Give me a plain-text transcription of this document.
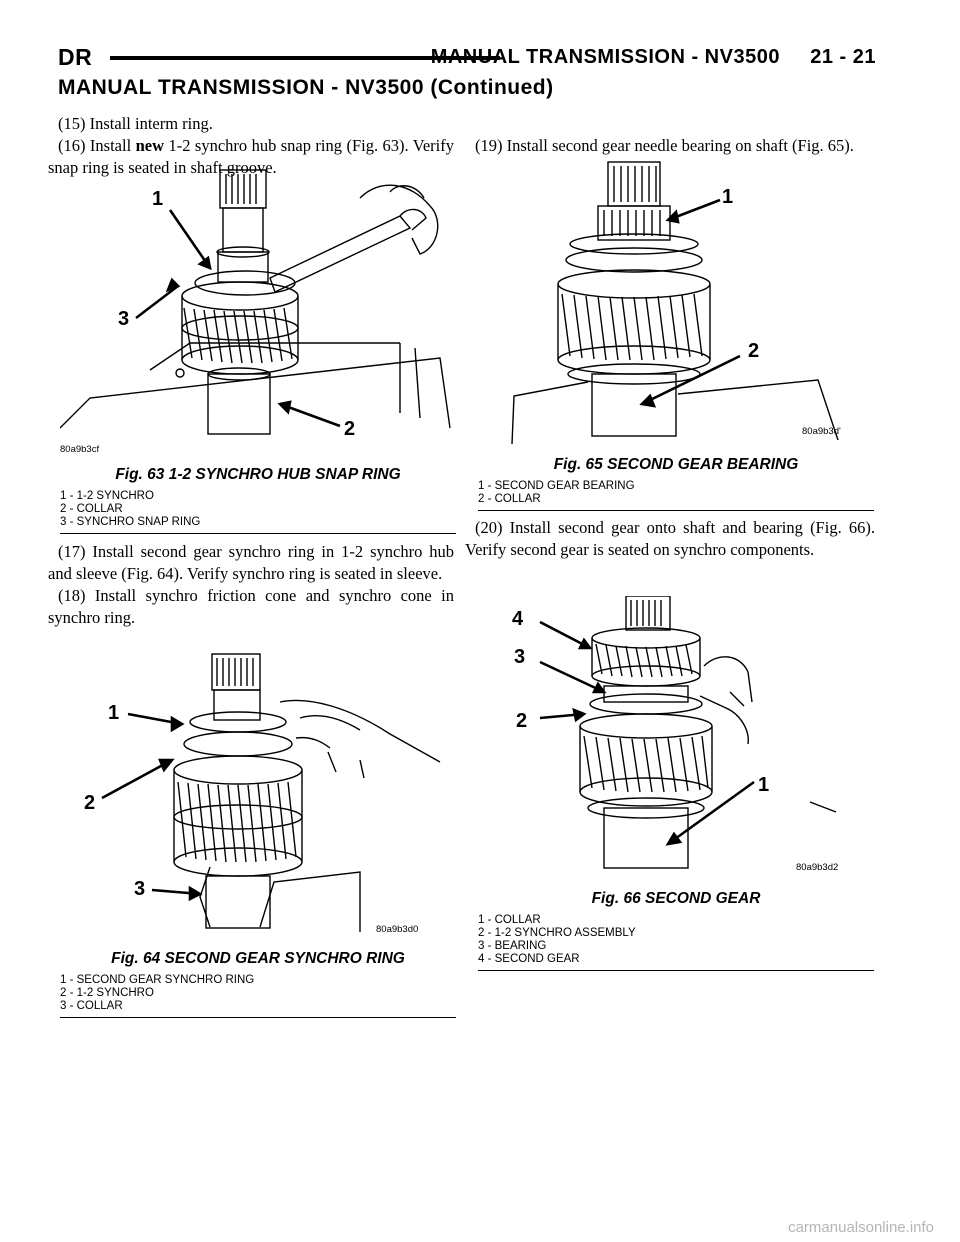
DR	MANUAL TRANSMISSION - NV3500     21 - 21
MANUAL TRANSMISSION - NV3500 (Continued)

(15) Install interm ring.

(16) Install new 1-2 synchro hub snap ring (Fig. 63). Verify snap ring is seated in shaft groove.

1
2
3
80a9b3cf
Fig. 63 1-2 SYNCHRO HUB SNAP RING
1 - 1-2 SYNCHRO
2 - COLLAR
3 - SYNCHRO SNAP RING

(17) Install second gear synchro ring in 1-2 synchro hub and sleeve (Fig. 64). Verify synchro ring is seated in sleeve.

(18) Install synchro friction cone and synchro cone in synchro ring.

1
2
3
80a9b3d0
Fig. 64 SECOND GEAR SYNCHRO RING
1 - SECOND GEAR SYNCHRO RING
2 - 1-2 SYNCHRO
3 - COLLAR

(19) Install second gear needle bearing on shaft (Fig. 65).

1
2
80a9b3d'
Fig. 65 SECOND GEAR BEARING
1 - SECOND GEAR BEARING
2 - COLLAR

(20) Install second gear onto shaft and bearing (Fig. 66). Verify second gear is seated on synchro components.

4
3
2
1
80a9b3d2
Fig. 66 SECOND GEAR
1 - COLLAR
2 - 1-2 SYNCHRO ASSEMBLY
3 - BEARING
4 - SECOND GEAR
carmanualsonline.info
